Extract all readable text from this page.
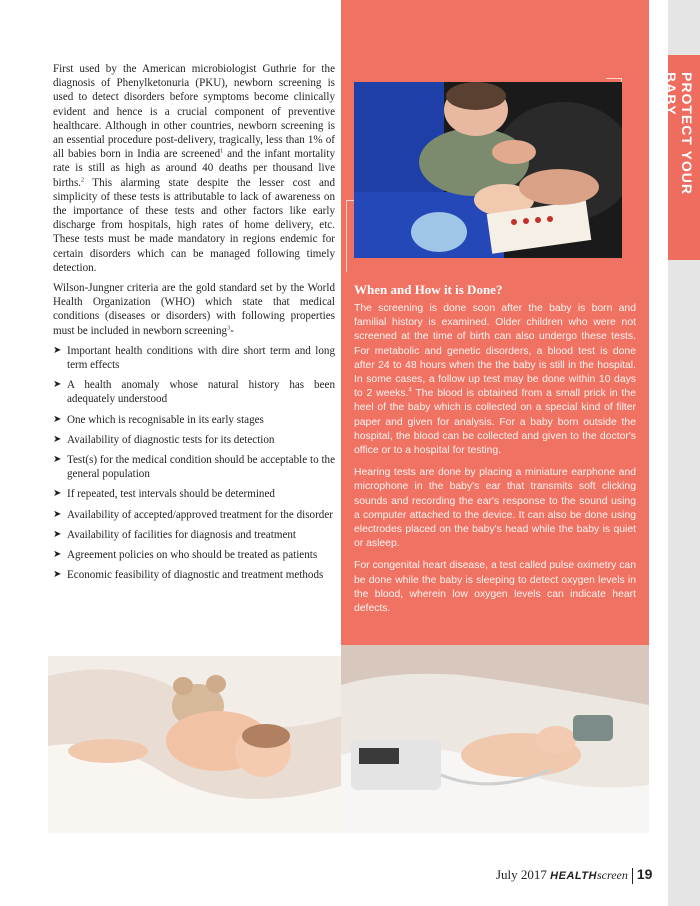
PROTECT YOUR BABY

First used by the American microbiologist Guthrie for the diagnosis of Phenylketonuria (PKU), newborn screening is used to detect disorders before symptoms become clinically evident and hence is a crucial component of preventive healthcare. Although in other countries, newborn screening is an essential procedure post-delivery, tragically, less than 1% of all babies born in India are screened$^1$ and the infant mortality rate is still as high as around 40 deaths per thousand live births.$^2$ This alarming state despite the lesser cost and simplicity of these tests is attributable to lack of awareness on the importance of these tests and other factors like early discharge from hospitals, high rates of home delivery, etc. These tests must be made mandatory in regions endemic for certain disorders which can be managed following timely detection.

Wilson-Jungner criteria are the gold standard set by the World Health Organization (WHO) which state that medical conditions (diseases or disorders) with following properties must be included in newborn screening$^3$-

➤ Important health conditions with dire short term and long term effects
➤ A health anomaly whose natural history has been adequately understood
➤ One which is recognisable in its early stages
➤ Availability of diagnostic tests for its detection
➤ Test(s) for the medical condition should be acceptable to the general population
➤ If repeated, test intervals should be determined
➤ Availability of accepted/approved treatment for the disorder
➤ Availability of facilities for diagnosis and treatment
➤ Agreement policies on who should be treated as patients
➤ Economic feasibility of diagnostic and treatment methods
When and How it is Done?

The screening is done soon after the baby is born and familial history is examined. Older children who were not screened at the time of birth can also undergo these tests. For metabolic and genetic disorders, a blood test is done after 24 to 48 hours when the the baby is still in the hospital. In some cases, a follow up test may be done within 10 days to 2 weeks.$^4$ The blood is obtained from a small prick in the heel of the baby which is collected on a special kind of filter paper and given for analysis. For a baby born outside the hospital, the blood can be collected and given to the doctor's office or to a hospital for testing.

Hearing tests are done by placing a miniature earphone and microphone in the baby's ear that transmits soft clicking sounds and recording the ear's response to the sound using a computer attached to the device. It can also be done using electrodes placed on the baby's head while the baby is quiet or asleep.

For congenital heart disease, a test called pulse oximetry can be done while the baby is sleeping to detect oxygen levels in the blood, wherein low oxygen levels can indicate heart defects.

July 2017 HEALTHscreen 19
